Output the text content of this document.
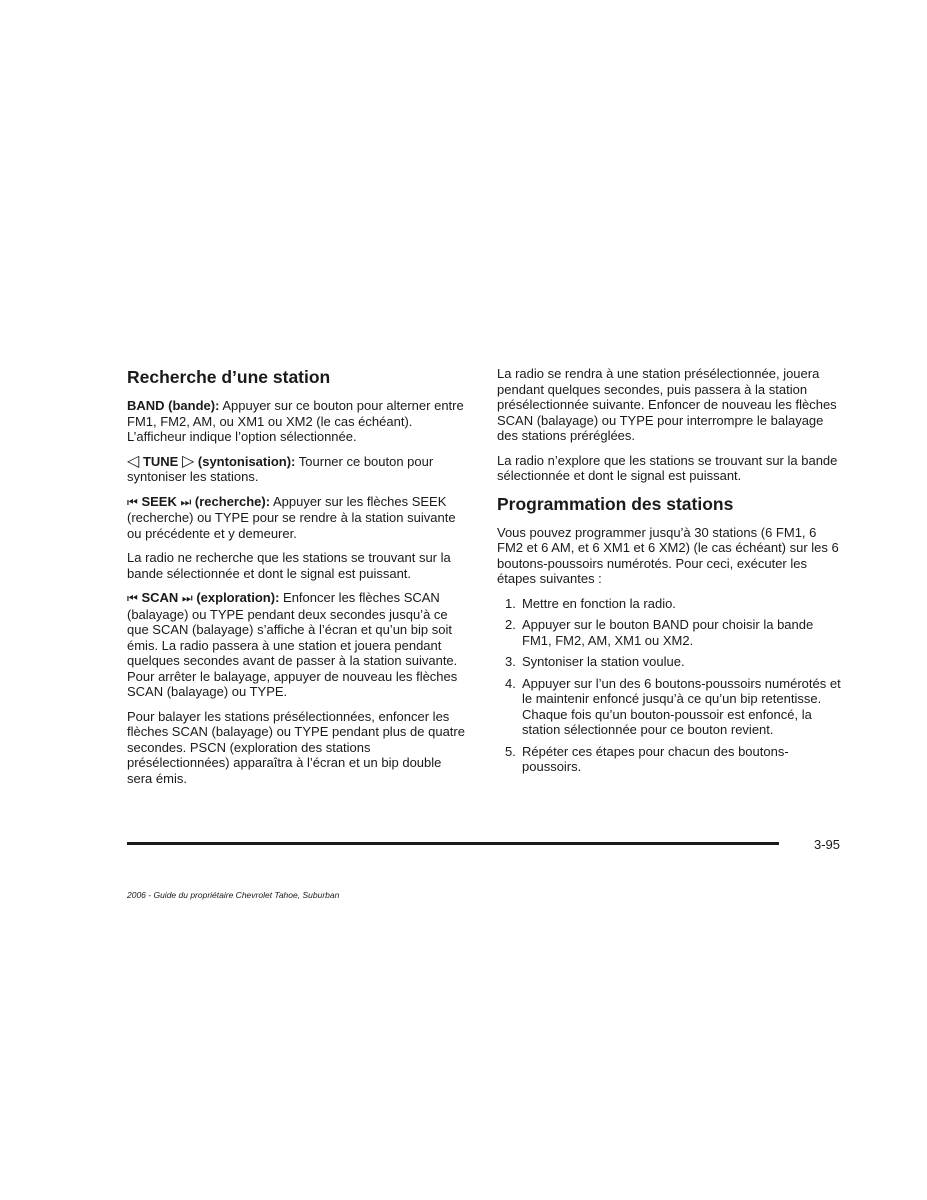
Recherche d’une station

BAND (bande): Appuyer sur ce bouton pour alterner entre FM1, FM2, AM, ou XM1 ou XM2 (le cas échéant). L’afficheur indique l’option sélectionnée.

◁ TUNE ▷ (syntonisation): Tourner ce bouton pour syntoniser les stations.

⏮ SEEK ⏭ (recherche): Appuyer sur les flèches SEEK (recherche) ou TYPE pour se rendre à la station suivante ou précédente et y demeurer.

La radio ne recherche que les stations se trouvant sur la bande sélectionnée et dont le signal est puissant.

⏮ SCAN ⏭ (exploration): Enfoncer les flèches SCAN (balayage) ou TYPE pendant deux secondes jusqu’à ce que SCAN (balayage) s’affiche à l’écran et qu’un bip soit émis. La radio passera à une station et jouera pendant quelques secondes avant de passer à la station suivante. Pour arrêter le balayage, appuyer de nouveau les flèches SCAN (balayage) ou TYPE.

Pour balayer les stations présélectionnées, enfoncer les flèches SCAN (balayage) ou TYPE pendant plus de quatre secondes. PSCN (exploration des stations présélectionnées) apparaîtra à l’écran et un bip double sera émis.

La radio se rendra à une station présélectionnée, jouera pendant quelques secondes, puis passera à la station présélectionnée suivante. Enfoncer de nouveau les flèches SCAN (balayage) ou TYPE pour interrompre le balayage des stations préréglées.

La radio n’explore que les stations se trouvant sur la bande sélectionnée et dont le signal est puissant.

Programmation des stations

Vous pouvez programmer jusqu’à 30 stations (6 FM1, 6 FM2 et 6 AM, et 6 XM1 et 6 XM2) (le cas échéant) sur les 6 boutons-poussoirs numérotés. Pour ceci, exécuter les étapes suivantes :

1. Mettre en fonction la radio.
2. Appuyer sur le bouton BAND pour choisir la bande FM1, FM2, AM, XM1 ou XM2.
3. Syntoniser la station voulue.
4. Appuyer sur l’un des 6 boutons-poussoirs numérotés et le maintenir enfoncé jusqu’à ce qu’un bip retentisse. Chaque fois qu’un bouton-poussoir est enfoncé, la station sélectionnée pour ce bouton revient.
5. Répéter ces étapes pour chacun des boutons-poussoirs.
3-95
2006 - Guide du propriétaire Chevrolet Tahoe, Suburban
